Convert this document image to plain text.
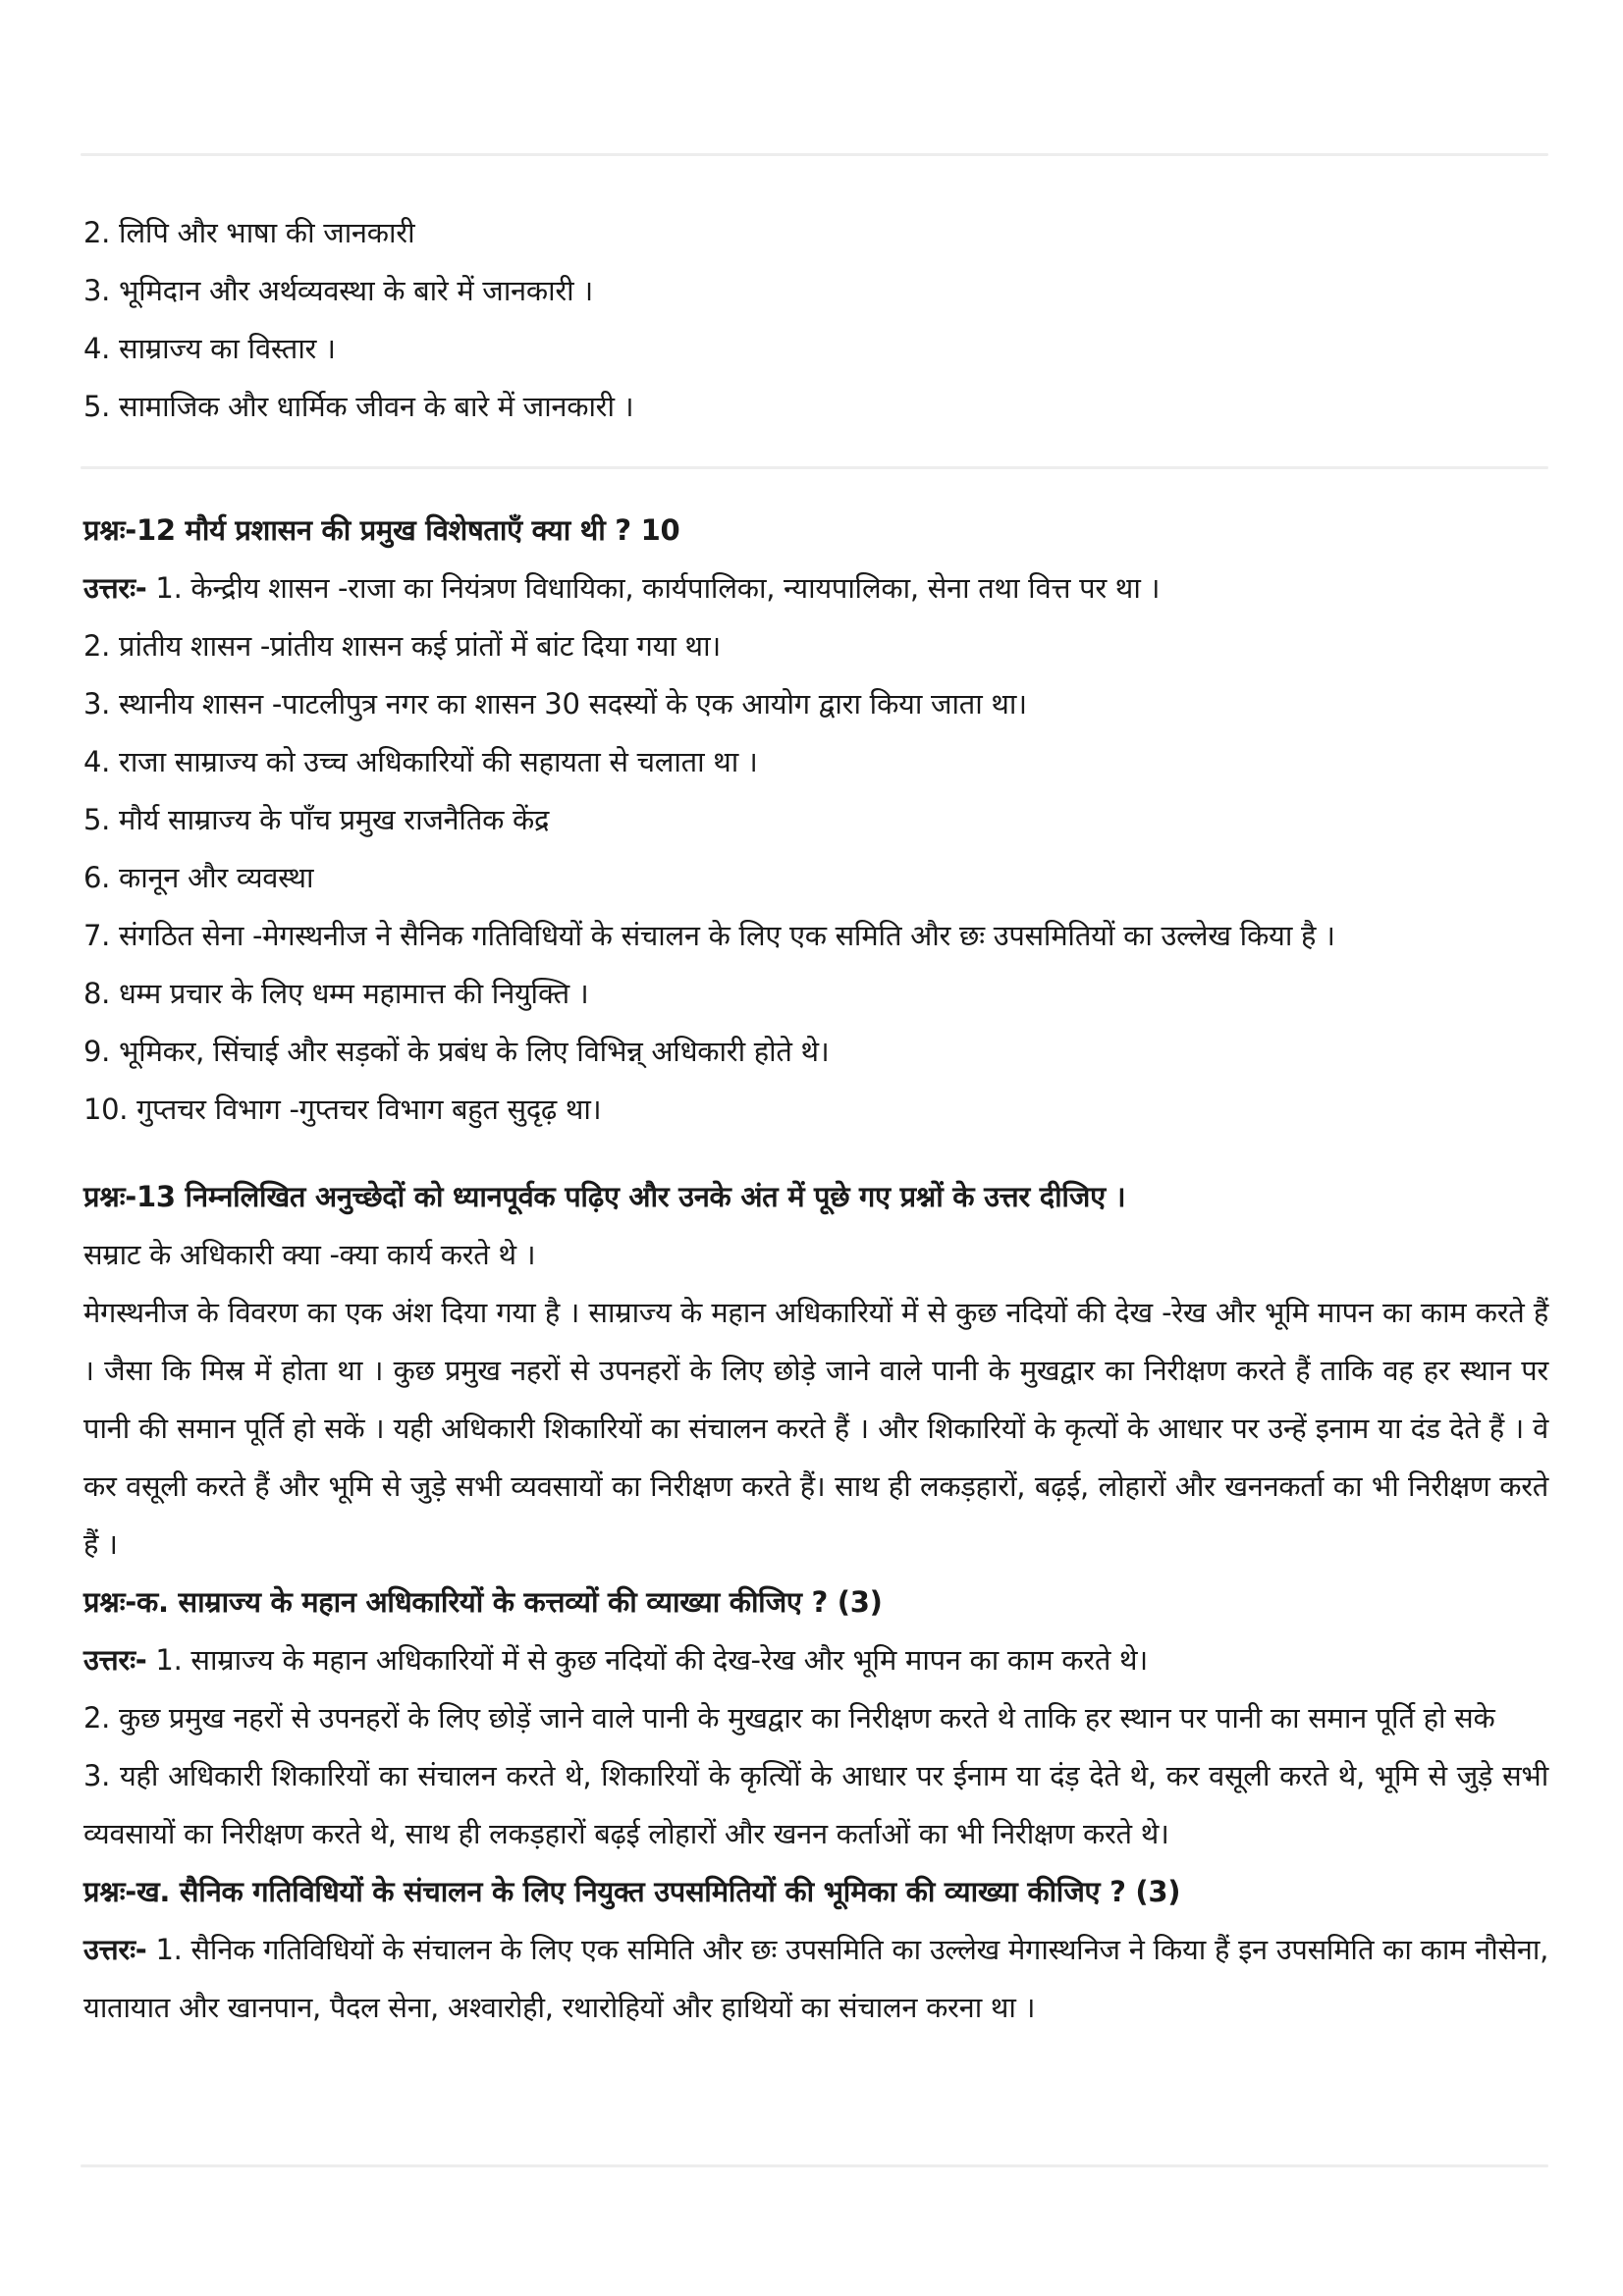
2. लिपि और भाषा की जानकारी
3. भूमिदान और अर्थव्यवस्था के बारे में जानकारी ।
4. साम्राज्य का विस्तार ।
5. सामाजिक और धार्मिक जीवन के बारे में जानकारी ।
प्रश्नः-12 मौर्य प्रशासन की प्रमुख विशेषताएँ क्या थी ? 10
उत्तरः- 1. केन्द्रीय शासन -राजा का नियंत्रण विधायिका, कार्यपालिका, न्यायपालिका, सेना तथा वित्त पर था ।
2. प्रांतीय शासन -प्रांतीय शासन कई प्रांतों में बांट दिया गया था।
3. स्थानीय शासन -पाटलीपुत्र नगर का शासन 30 सदस्यों के एक आयोग द्वारा किया जाता था।
4. राजा साम्राज्य को उच्च अधिकारियों की सहायता से चलाता था ।
5. मौर्य साम्राज्य के पाँच प्रमुख राजनैतिक केंद्र
6. कानून और व्यवस्था
7. संगठित सेना -मेगस्थनीज ने सैनिक गतिविधियों के संचालन के लिए एक समिति और छः उपसमितियों का उल्लेख किया है ।
8. धम्म प्रचार के लिए धम्म महामात्त की नियुक्ति ।
9. भूमिकर, सिंचाई और सड़कों के प्रबंध के लिए विभिन्न् अधिकारी होते थे।
10. गुप्तचर विभाग -गुप्तचर विभाग बहुत सुदृढ़ था।
प्रश्नः-13 निम्नलिखित अनुच्छेदों को ध्यानपूर्वक पढ़िए और उनके अंत में पूछे गए प्रश्नों के उत्तर दीजिए ।
सम्राट के अधिकारी क्या -क्या कार्य करते थे ।
मेगस्थनीज के विवरण का एक अंश दिया गया है । साम्राज्य के महान अधिकारियों में से कुछ नदियों की देख -रेख और भूमि मापन का काम करते हैं । जैसा कि मिस्र में होता था । कुछ प्रमुख नहरों से उपनहरों के लिए छोड़े जाने वाले पानी के मुखद्वार का निरीक्षण करते हैं ताकि वह हर स्थान पर पानी की समान पूर्ति हो सकें । यही अधिकारी शिकारियों का संचालन करते हैं । और शिकारियों के कृत्यों के आधार पर उन्हें इनाम या दंड देते हैं । वे कर वसूली करते हैं और भूमि से जुड़े सभी व्यवसायों का निरीक्षण करते हैं। साथ ही लकड़हारों, बढ़ई, लोहारों और खननकर्ता का भी निरीक्षण करते हैं ।
प्रश्नः-क. साम्राज्य के महान अधिकारियों के कत्तव्यों की व्याख्या कीजिए ? (3)
उत्तरः- 1. साम्राज्य के महान अधिकारियों में से कुछ नदियों की देख-रेख और भूमि मापन का काम करते थे।
2. कुछ प्रमुख नहरों से उपनहरों के लिए छोड़ें जाने वाले पानी के मुखद्वार का निरीक्षण करते थे ताकि हर स्थान पर पानी का समान पूर्ति हो सके
3. यही अधिकारी शिकारियों का संचालन करते थे, शिकारियों के कृत्यिों के आधार पर ईनाम या दंड़ देते थे, कर वसूली करते थे, भूमि से जुड़े सभी व्यवसायों का निरीक्षण करते थे, साथ ही लकड़हारों बढ़ई लोहारों और खनन कर्ताओं का भी निरीक्षण करते थे।
प्रश्नः-ख. सैनिक गतिविधियों के संचालन के लिए नियुक्त उपसमितियों की भूमिका की व्याख्या कीजिए ? (3)
उत्तरः- 1. सैनिक गतिविधियों के संचालन के लिए एक समिति और छः उपसमिति का उल्लेख मेगास्थनिज ने किया हैं इन उपसमिति का काम नौसेना, यातायात और खानपान, पैदल सेना, अश्वारोही, रथारोहियों और हाथियों का संचालन करना था ।
